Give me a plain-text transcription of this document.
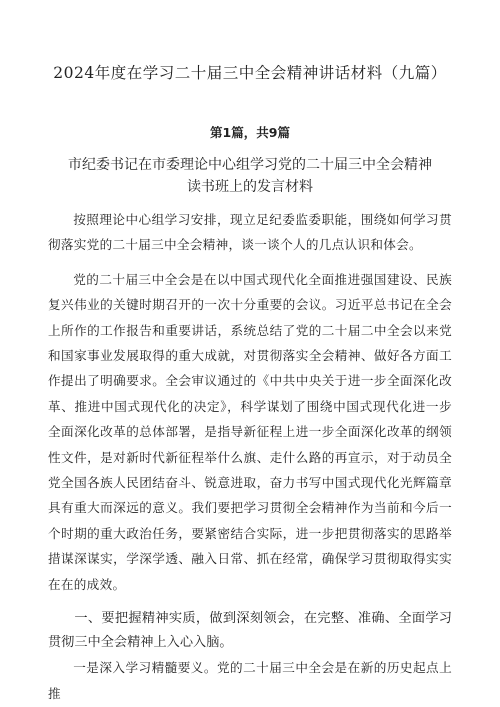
2024年度在学习二十届三中全会精神讲话材料（九篇）
第1篇，共9篇
市纪委书记在市委理论中心组学习党的二十届三中全会精神读书班上的发言材料

按照理论中心组学习安排，现立足纪委监委职能，围绕如何学习贯彻落实党的二十届三中全会精神，谈一谈个人的几点认识和体会。

党的二十届三中全会是在以中国式现代化全面推进强国建设、民族复兴伟业的关键时期召开的一次十分重要的会议。习近平总书记在全会上所作的工作报告和重要讲话，系统总结了党的二十届二中全会以来党和国家事业发展取得的重大成就，对贯彻落实全会精神、做好各方面工作提出了明确要求。全会审议通过的《中共中央关于进一步全面深化改革、推进中国式现代化的决定》，科学谋划了围绕中国式现代化进一步全面深化改革的总体部署，是指导新征程上进一步全面深化改革的纲领性文件，是对新时代新征程举什么旗、走什么路的再宣示，对于动员全党全国各族人民团结奋斗、锐意进取，奋力书写中国式现代化光辉篇章具有重大而深远的意义。我们要把学习贯彻全会精神作为当前和今后一个时期的重大政治任务，要紧密结合实际，进一步把贯彻落实的思路举措谋深谋实，学深学透、融入日常、抓在经常，确保学习贯彻取得实实在在的成效。

一、要把握精神实质，做到深刻领会，在完整、准确、全面学习贯彻三中全会精神上入心入脑。

一是深入学习精髓要义。党的二十届三中全会是在新的历史起点上推
